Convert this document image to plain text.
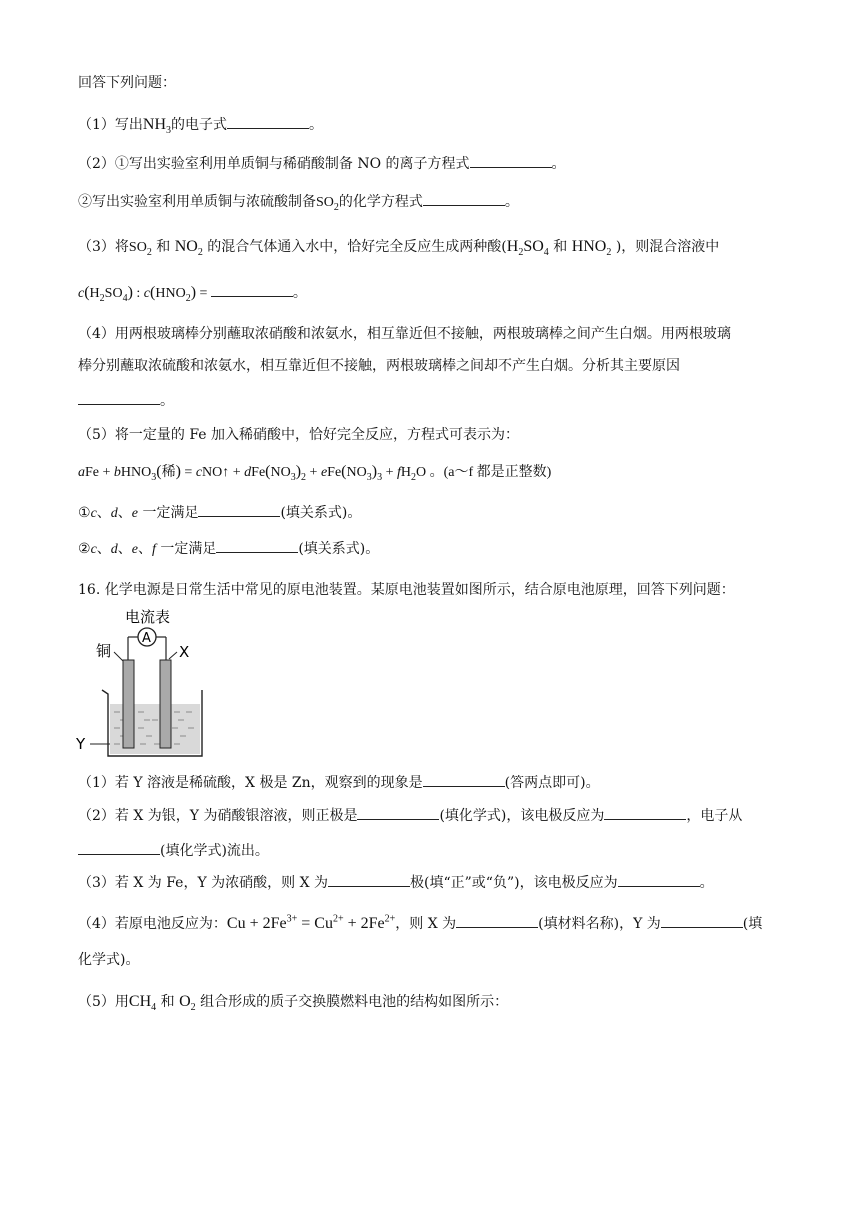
回答下列问题：
（1）写出$NH_3$的电子式	。
（2）①写出实验室利用单质铜与稀硝酸制备 NO 的离子方程式	。
②写出实验室利用单质铜与浓硫酸制备$SO_2$的化学方程式	。
（3）将$SO_2$ 和 $NO_2$ 的混合气体通入水中，恰好完全反应生成两种酸($H_2SO_4$ 和 $HNO_2$ )，则混合溶液中
$c(H_2SO_4)$ : $c(HNO_2)$ =	。
（4）用两根玻璃棒分别蘸取浓硝酸和浓氨水，相互靠近但不接触，两根玻璃棒之间产生白烟。用两根玻璃
棒分别蘸取浓硫酸和浓氨水，相互靠近但不接触，两根玻璃棒之间却不产生白烟。分析其主要原因
。
（5）将一定量的 Fe 加入稀硝酸中，恰好完全反应，方程式可表示为：
aFe + bHNO$_3$(稀) = cNO↑ + $dFe(NO_3)_2 + eFe(NO_3)_3 + fH_2O$ 。(a～f 都是正整数)
①c、d、e 一定满足	(填关系式)。
②c、d、e、f 一定满足	(填关系式)。
16. 化学电源是日常生活中常见的原电池装置。某原电池装置如图所示，结合原电池原理，回答下列问题：
电流表
A
铜	X
Y
（1）若 Y 溶液是稀硫酸，X 极是 Zn，观察到的现象是	(答两点即可)。
（2）若 X 为银，Y 为硝酸银溶液，则正极是	(填化学式)，该电极反应为	，电子从
(填化学式)流出。
（3）若 X 为 Fe，Y 为浓硝酸，则 X 为	极(填“正”或“负”)，该电极反应为	。
（4）若原电池反应为：$Cu + 2Fe^{3+} = Cu^{2+} + 2Fe^{2+}$，则 X 为	(填材料名称)，Y 为	(填
化学式)。
（5）用$CH_4$ 和 $O_2$ 组合形成的质子交换膜燃料电池的结构如图所示：
